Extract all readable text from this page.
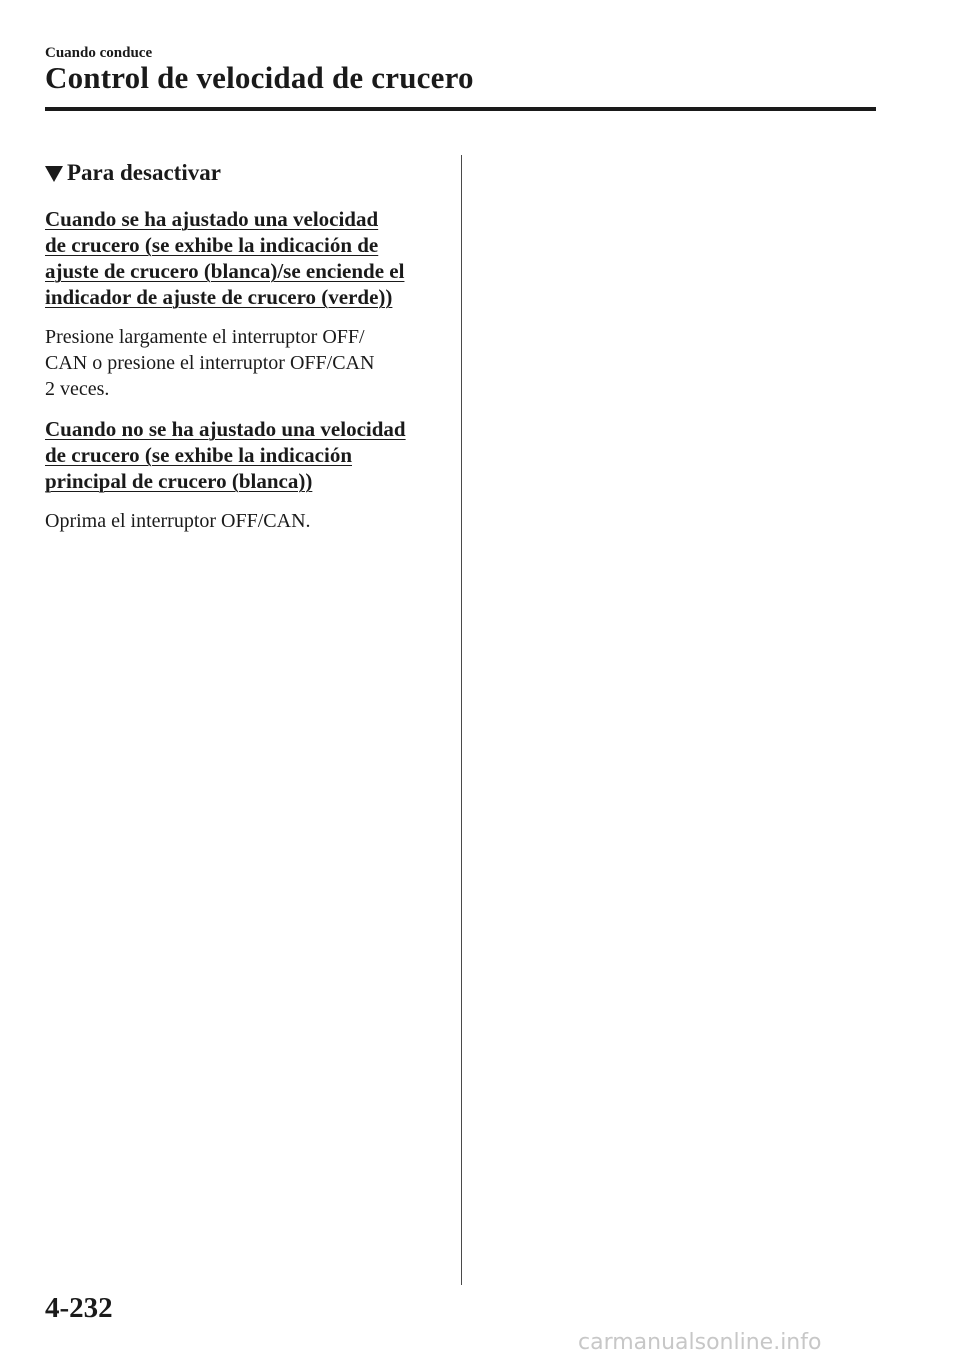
Cuando conduce
Control de velocidad de crucero
Para desactivar

Cuando se ha ajustado una velocidad

de crucero (se exhibe la indicación de

ajuste de crucero (blanca)/se enciende el

indicador de ajuste de crucero (verde))

Presione largamente el interruptor OFF/

CAN o presione el interruptor OFF/CAN

2 veces.

Cuando no se ha ajustado una velocidad

de crucero (se exhibe la indicación

principal de crucero (blanca))

Oprima el interruptor OFF/CAN.

4-232
carmanualsonline.info
